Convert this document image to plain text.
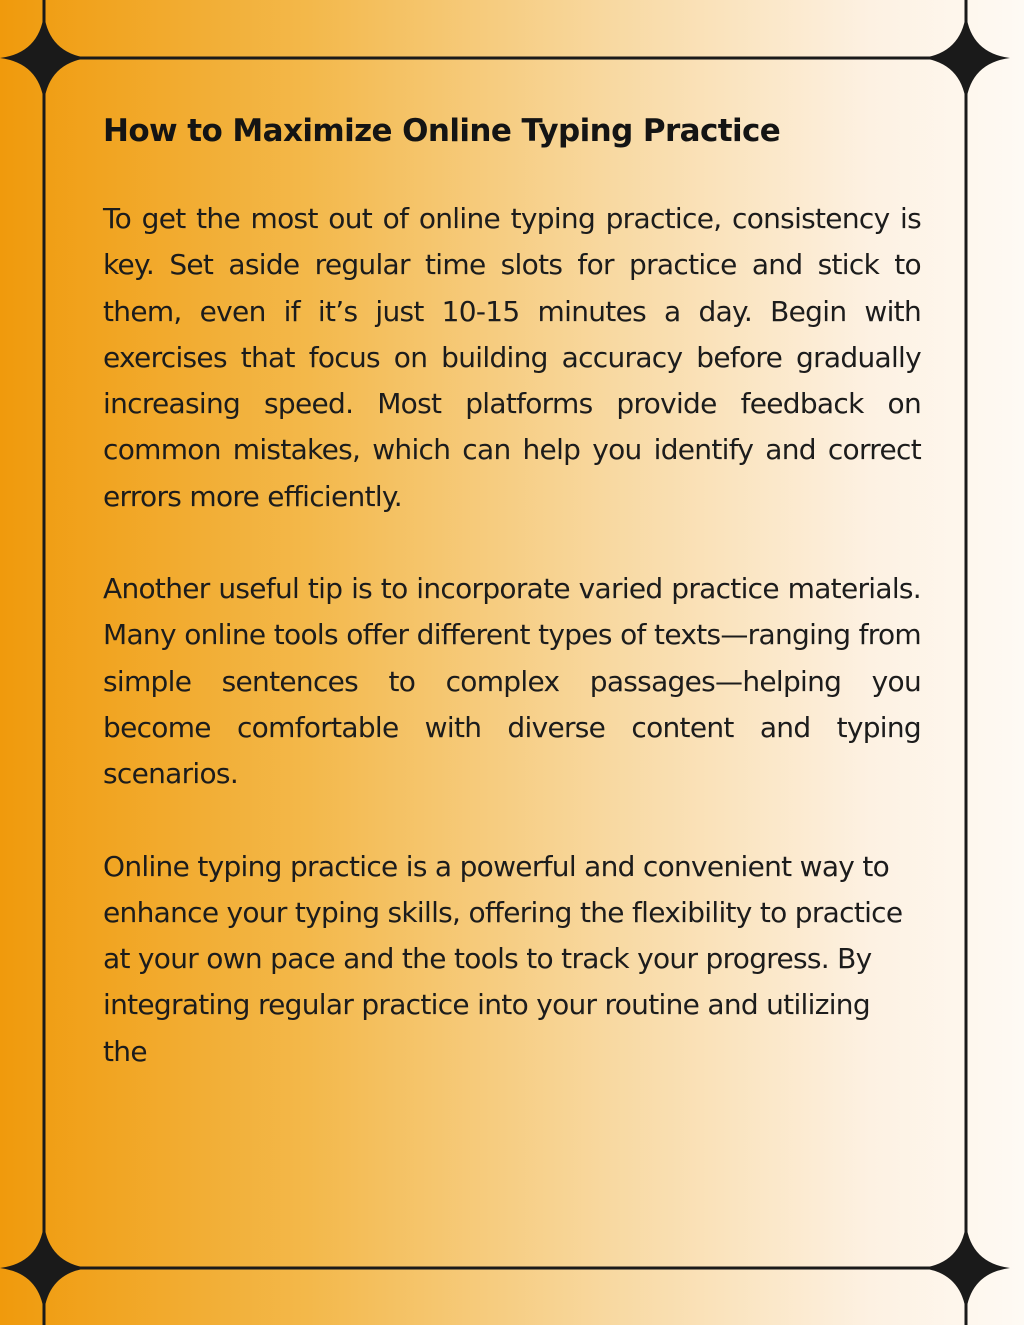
How to Maximize Online Typing Practice

To get the most out of online typing practice, consistency is key. Set aside regular time slots for practice and stick to them, even if it’s just 10-15 minutes a day. Begin with exercises that focus on building accuracy before gradually increasing speed. Most platforms provide feedback on common mistakes, which can help you identify and correct errors more efficiently.

Another useful tip is to incorporate varied practice materials. Many online tools offer different types of texts—ranging from simple sentences to complex passages—helping you become comfortable with diverse content and typing scenarios.

Online typing practice is a powerful and convenient way to enhance your typing skills, offering the flexibility to practice at your own pace and the tools to track your progress. By integrating regular practice into your routine and utilizing the
